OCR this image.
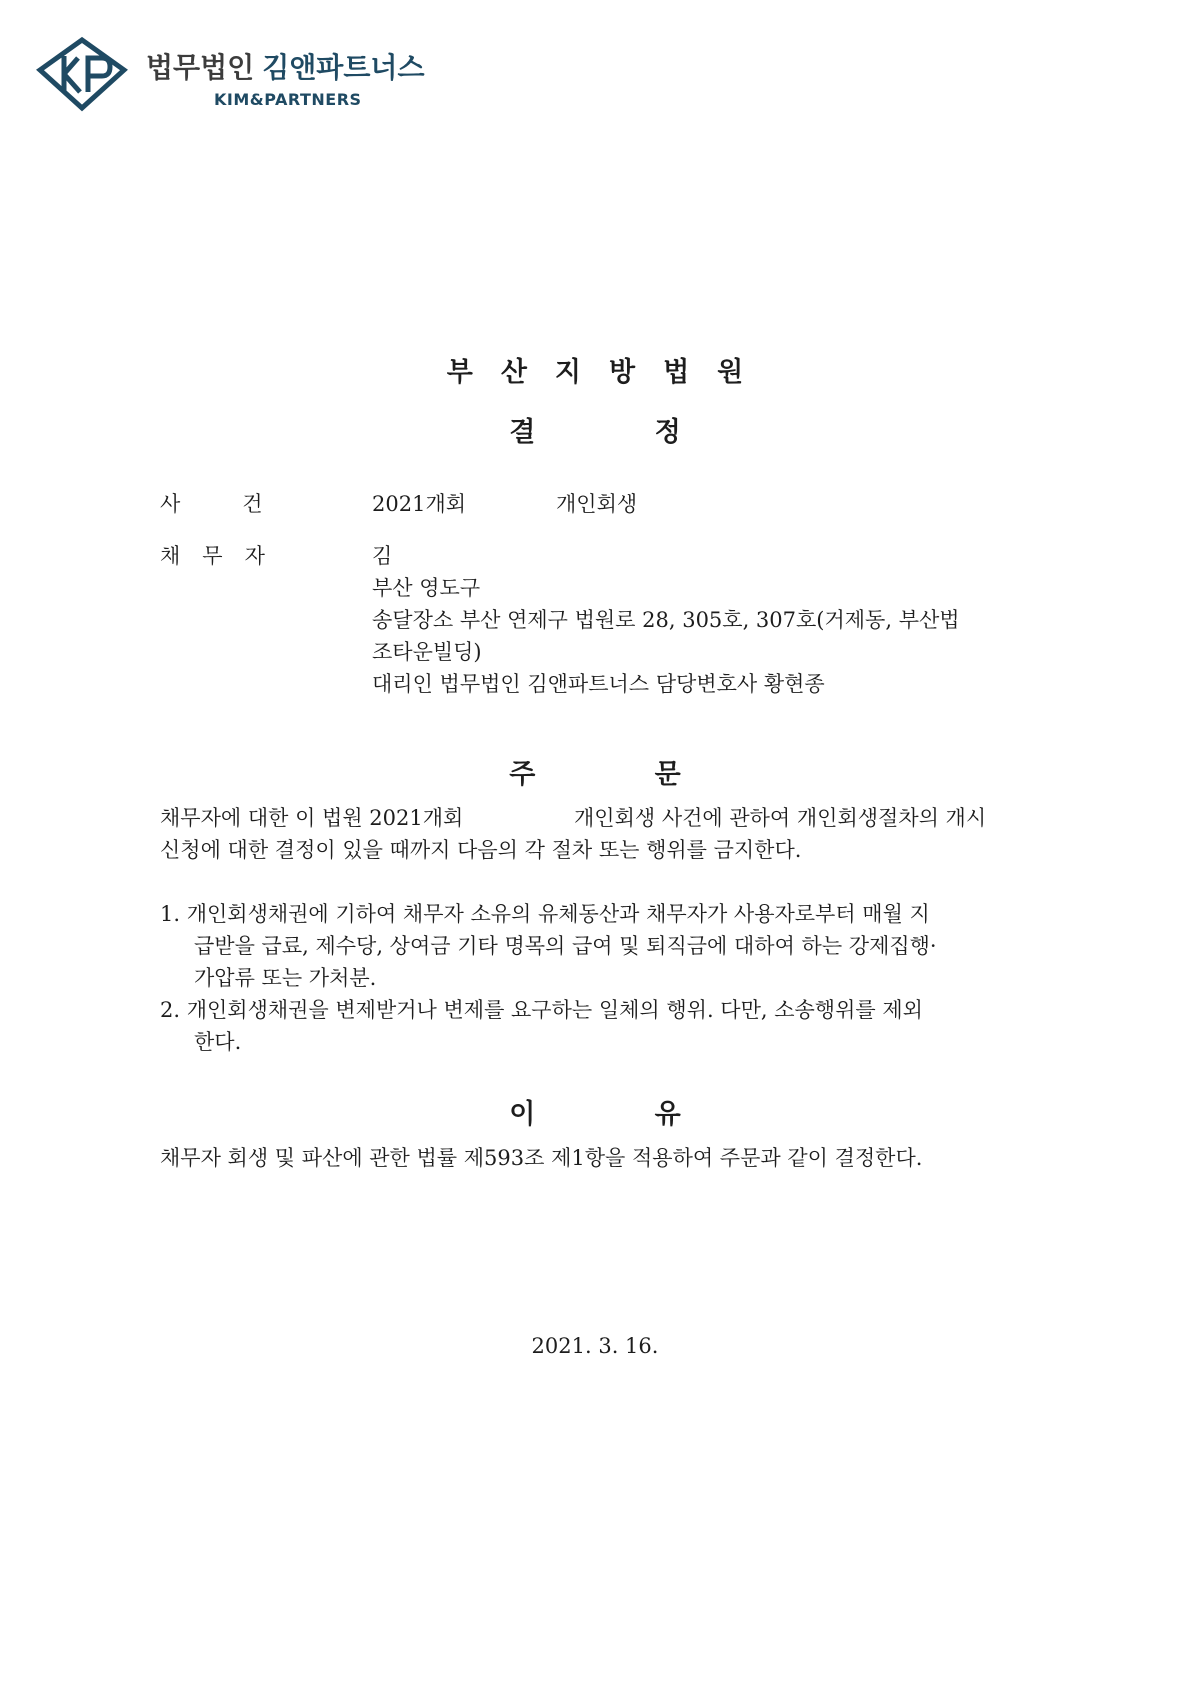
법무법인 김앤파트너스
KIM&PARTNERS
부산지방법원
결 정
사건 2021개회	개인회생
채무자	김
부산 영도구
송달장소 부산 연제구 법원로 28, 305호, 307호(거제동, 부산법
조타운빌딩)
대리인 법무법인 김앤파트너스 담당변호사 황현종
주 문
채무자에 대한 이 법원 2021개회	개인회생 사건에 관하여 개인회생절차의 개시
신청에 대한 결정이 있을 때까지 다음의 각 절차 또는 행위를 금지한다.
1. 개인회생채권에 기하여 채무자 소유의 유체동산과 채무자가 사용자로부터 매월 지
급받을 급료, 제수당, 상여금 기타 명목의 급여 및 퇴직금에 대하여 하는 강제집행·
가압류 또는 가처분.
2. 개인회생채권을 변제받거나 변제를 요구하는 일체의 행위. 다만, 소송행위를 제외
한다.
이 유
채무자 회생 및 파산에 관한 법률 제593조 제1항을 적용하여 주문과 같이 결정한다.
2021. 3. 16.
